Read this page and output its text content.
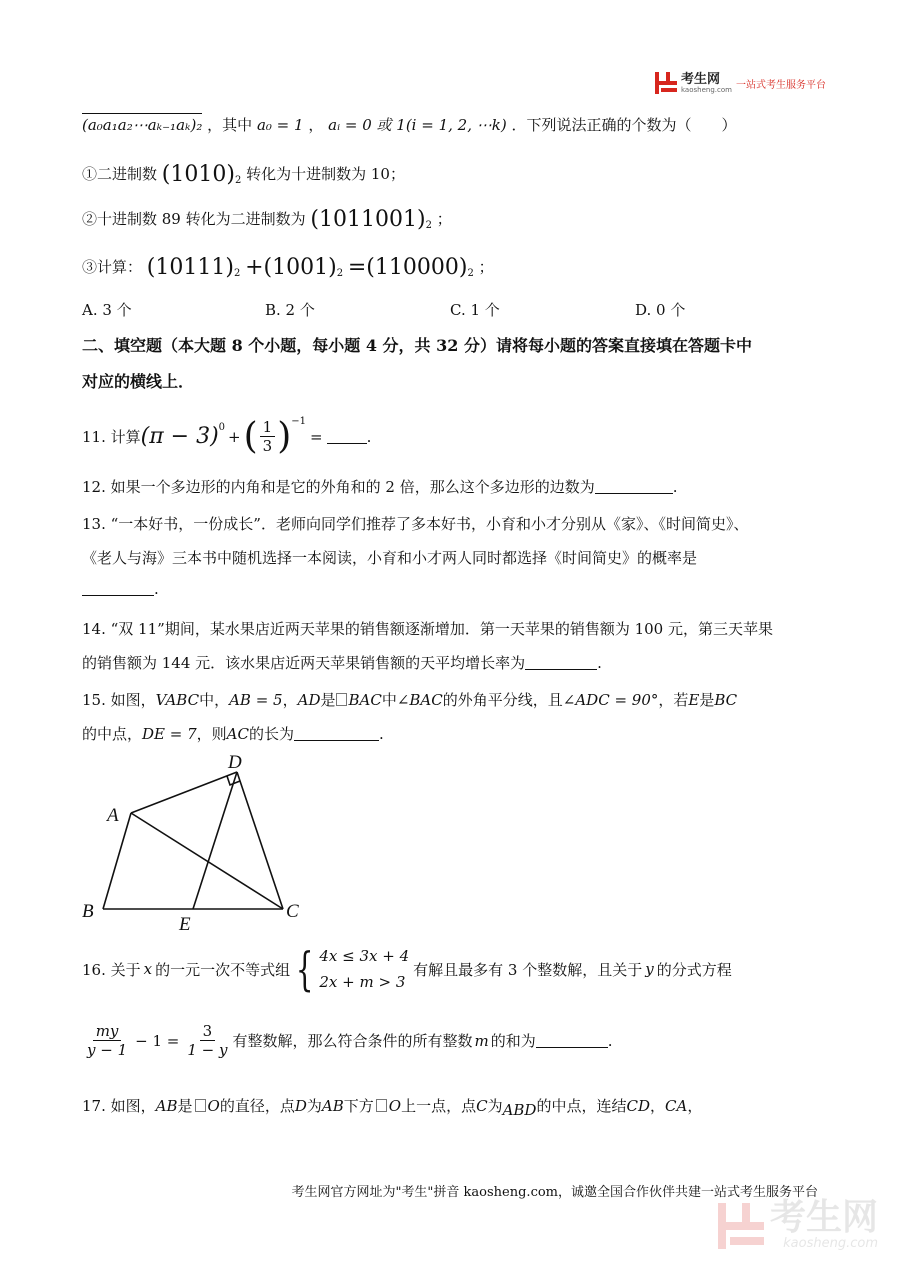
考生网
kaosheng.com 一站式考生服务平台
(a₀a₁a₂⋯aₖ₋₁aₖ)₂ ，其中 a₀ = 1 ， aᵢ = 0 或 1(i = 1, 2, ⋯k) ．下列说法正确的个数为（　　）
①二进制数 $(1010)_2$ 转化为十进制数为 10；
②十进制数 89 转化为二进制数为 $(1011001)_2$ ；
③计算： $(10111)_2 +(1001)_2 =(110000)_2$ ；
A. 3 个	B. 2 个	C. 1 个	D. 0 个
二、填空题（本大题 8 个小题，每小题 4 分，共 32 分）请将每小题的答案直接填在答题卡中
对应的横线上．
11. 计算 (π − 3) 0 + ( $\frac{1}{3}$ ) −1
=	.
12. 如果一个多边形的内角和是它的外角和的 2 倍，那么这个多边形的边数为	.
13. “一本好书，一份成长”．老师向同学们推荐了多本好书，小育和小才分别从《家》、《时间简史》、
《老人与海》三本书中随机选择一本阅读，小育和小才两人同时都选择《时间简史》的概率是
.
14. “双 11”期间，某水果店近两天苹果的销售额逐渐增加．第一天苹果的销售额为 100 元，第三天苹果
的销售额为 144 元．该水果店近两天苹果销售额的天平均增长率为	.
15. 如图，VABC中，AB = 5，AD是 BAC中∠BAC的外角平分线，且∠ADC = 90°，若E是BC
的中点，DE = 7，则AC的长为	.
A
B	C
D
E
16. 关于 x 的一元一次不等式组 { 4x ≤ 3x + 4
2x + m > 3
有解且最多有 3 个整数解，且关于 y 的分式方程
$\frac{my}{y - 1} - 1 = \frac{3}{1 - y}$ 有整数解，那么符合条件的所有整数 m 的和为	.
17. 如图，AB是 O的直径，点D为AB下方 O上一点，点C为ABD的中点，连结CD，CA，
考生网官方网址为"考生"拼音 kaosheng.com，诚邀全国合作伙伴共建一站式考生服务平台
考生网
kaosheng.com
